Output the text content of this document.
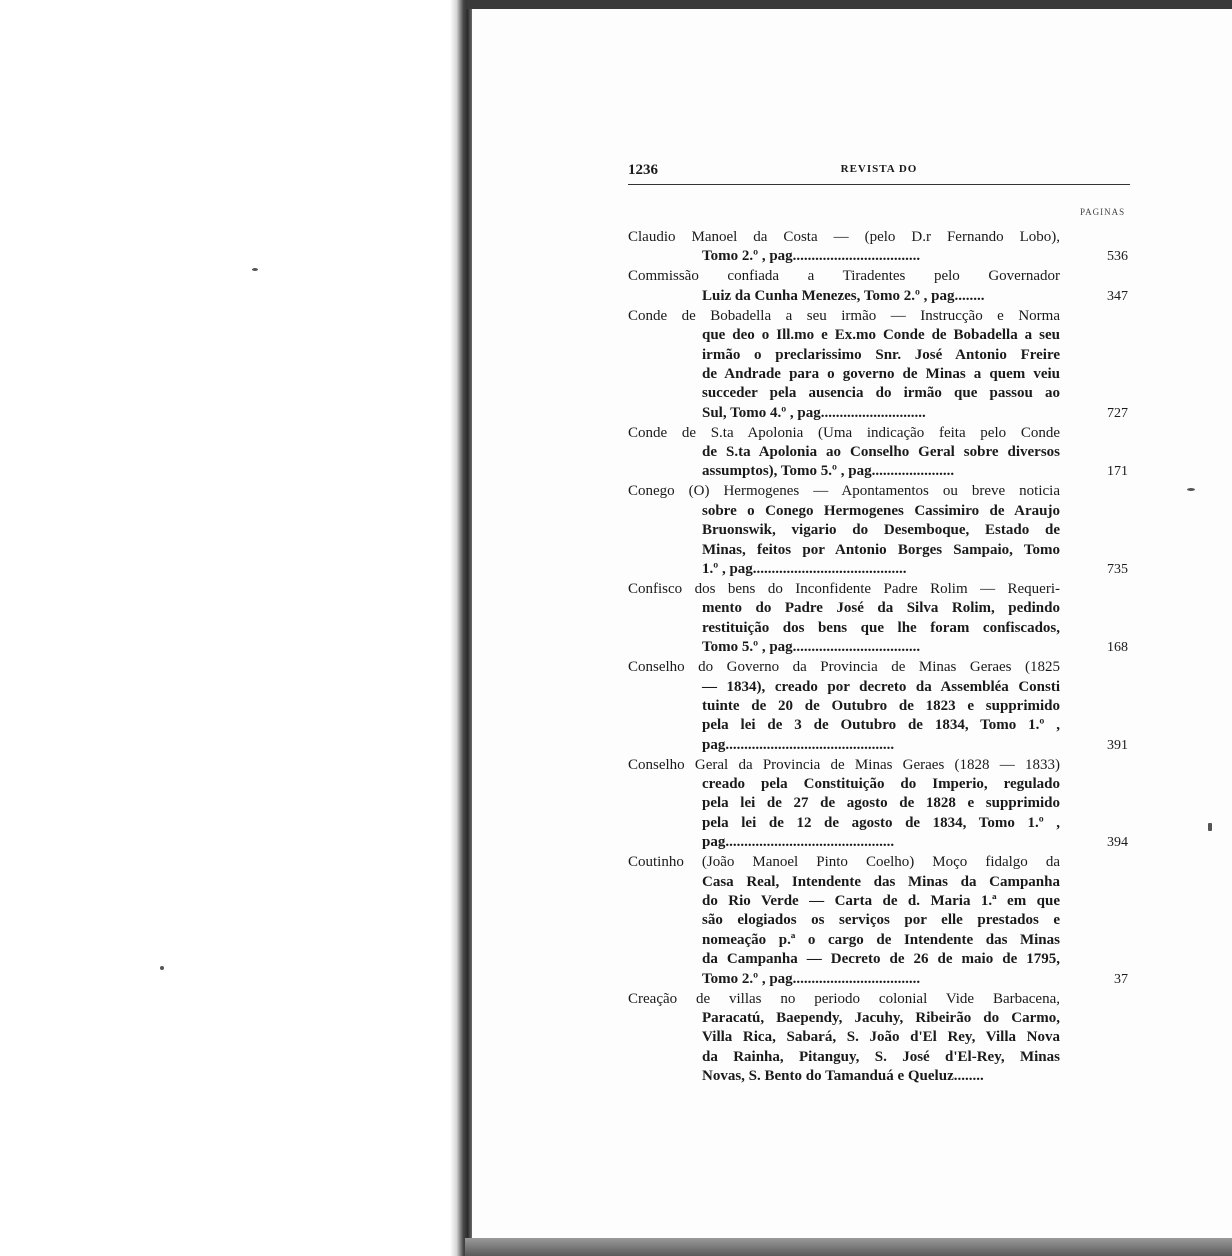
1236	REVISTA DO
PAGINAS
Claudio Manoel da Costa — (pelo D.r Fernando Lobo),
Tomo 2.º , pag..................................	536
Commissão confiada a Tiradentes pelo Governador
Luiz da Cunha Menezes, Tomo 2.º , pag........	347
Conde de Bobadella a seu irmão — Instrucção e Norma
que deo o Ill.mo e Ex.mo Conde de Bobadella a seu
irmão o preclarissimo Snr. José Antonio Freire
de Andrade para o governo de Minas a quem veiu
succeder pela ausencia do irmão que passou ao
Sul, Tomo 4.º , pag............................	727
Conde de S.ta Apolonia (Uma indicação feita pelo Conde
de S.ta Apolonia ao Conselho Geral sobre diversos
assumptos), Tomo 5.º , pag......................	171
Conego (O) Hermogenes — Apontamentos ou breve noticia
sobre o Conego Hermogenes Cassimiro de Araujo
Bruonswik, vigario do Desemboque, Estado de
Minas, feitos por Antonio Borges Sampaio, Tomo
1.º , pag.........................................	735
Confisco dos bens do Inconfidente Padre Rolim — Requeri-
mento do Padre José da Silva Rolim, pedindo
restituição dos bens que lhe foram confiscados,
Tomo 5.º , pag..................................	168
Conselho do Governo da Provincia de Minas Geraes (1825
— 1834), creado por decreto da Assembléa Consti
tuinte de 20 de Outubro de 1823 e supprimido
pela lei de 3 de Outubro de 1834, Tomo 1.º ,
pag.............................................	391
Conselho Geral da Provincia de Minas Geraes (1828 — 1833)
creado pela Constituição do Imperio, regulado
pela lei de 27 de agosto de 1828 e supprimido
pela lei de 12 de agosto de 1834, Tomo 1.º ,
pag.............................................	394
Coutinho (João Manoel Pinto Coelho) Moço fidalgo da
Casa Real, Intendente das Minas da Campanha
do Rio Verde — Carta de d. Maria 1.ª em que
são elogiados os serviços por elle prestados e
nomeação p.ª o cargo de Intendente das Minas
da Campanha — Decreto de 26 de maio de 1795,
Tomo 2.º , pag..................................	37
Creação de villas no periodo colonial Vide Barbacena,
Paracatú, Baependy, Jacuhy, Ribeirão do Carmo,
Villa Rica, Sabará, S. João d'El Rey, Villa Nova
da Rainha, Pitanguy, S. José d'El-Rey, Minas
Novas, S. Bento do Tamanduá e Queluz........
